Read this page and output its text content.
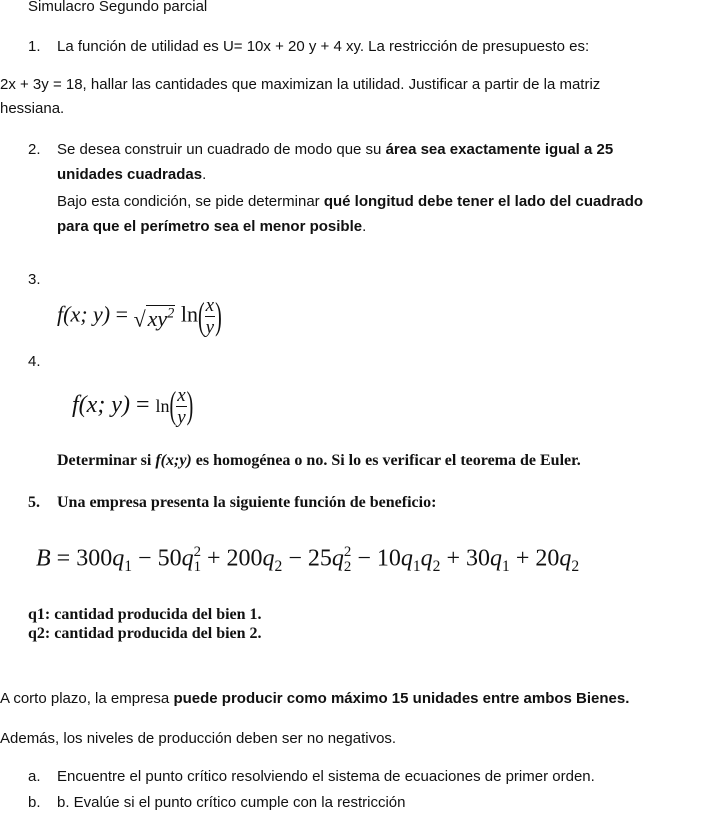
Simulacro Segundo parcial
1. La función de utilidad es U= 10x + 20 y + 4 xy. La restricción de presupuesto es:
2x + 3y = 18, hallar las cantidades que maximizan la utilidad. Justificar a partir de la matriz
hessiana.
2. Se desea construir un cuadrado de modo que su área sea exactamente igual a 25
unidades cuadradas.
Bajo esta condición, se pide determinar qué longitud debe tener el lado del cuadrado
para que el perímetro sea el menor posible.
3.
f(x; $y) = √xy^2$ $\ln( \frac{x}{y}$ )
4.
f(x; $y) = \ln( \frac{x}{y}$ )
Determinar si f(x;y) es homogénea o no. Si lo es verificar el teorema de Euler.
5. Una empresa presenta la siguiente función de beneficio:
$B = 300q_1 - 50q$ 2
$1 + 200q_2 - 25q$ 2
$2 - 10q_1q_2 + 30q_1 + 20q_2$
q1: cantidad producida del bien 1.
q2: cantidad producida del bien 2.
A corto plazo, la empresa puede producir como máximo 15 unidades entre ambos Bienes.
Además, los niveles de producción deben ser no negativos.
a. Encuentre el punto crítico resolviendo el sistema de ecuaciones de primer orden.
b. b. Evalúe si el punto crítico cumple con la restricción
